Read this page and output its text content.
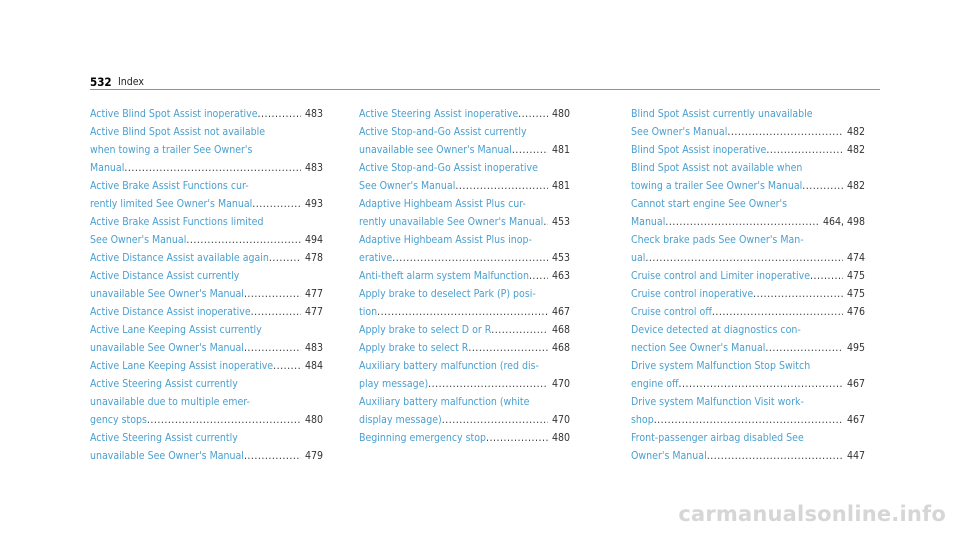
532 Index
Active Blind Spot Assist inoperative .....	483
Active Blind Spot Assist not available
when towing a trailer See Owner's
Manual .....	483
Active Brake Assist Functions cur-
rently limited See Owner's Manual .....	493
Active Brake Assist Functions limited
See Owner's Manual .....	494
Active Distance Assist available again .....	478
Active Distance Assist currently
unavailable See Owner's Manual .....	477
Active Distance Assist inoperative .....	477
Active Lane Keeping Assist currently
unavailable See Owner's Manual .....	483
Active Lane Keeping Assist inoperative .....	484
Active Steering Assist currently
unavailable due to multiple emer-
gency stops .....	480
Active Steering Assist currently
unavailable See Owner's Manual .....	479
Active Steering Assist inoperative .....	480
Active Stop-and-Go Assist currently
unavailable see Owner's Manual .....	481
Active Stop-and-Go Assist inoperative
See Owner's Manual .....	481
Adaptive Highbeam Assist Plus cur-
rently unavailable See Owner's Manual ..... 453
Adaptive Highbeam Assist Plus inop-
erative .....	453
Anti-theft alarm system Malfunction .....	463
Apply brake to deselect Park (P) posi-
tion .....	467
Apply brake to select D or R .....	468
Apply brake to select R .....	468
Auxiliary battery malfunction (red dis-
play message) .....	470
Auxiliary battery malfunction (white
display message) .....	470
Beginning emergency stop .....	480
Blind Spot Assist currently unavailable
See Owner's Manual .....	482
Blind Spot Assist inoperative .....	482
Blind Spot Assist not available when
towing a trailer See Owner's Manual .....	482
Cannot start engine See Owner's
Manual .....	464, 498
Check brake pads See Owner's Man-
ual .....	474
Cruise control and Limiter inoperative .....	475
Cruise control inoperative .....	475
Cruise control off .....	476
Device detected at diagnostics con-
nection See Owner's Manual .....	495
Drive system Malfunction Stop Switch
engine off .....	467
Drive system Malfunction Visit work-
shop .....	467
Front-passenger airbag disabled See
Owner's Manual .....	447
carmanualsonline.info
